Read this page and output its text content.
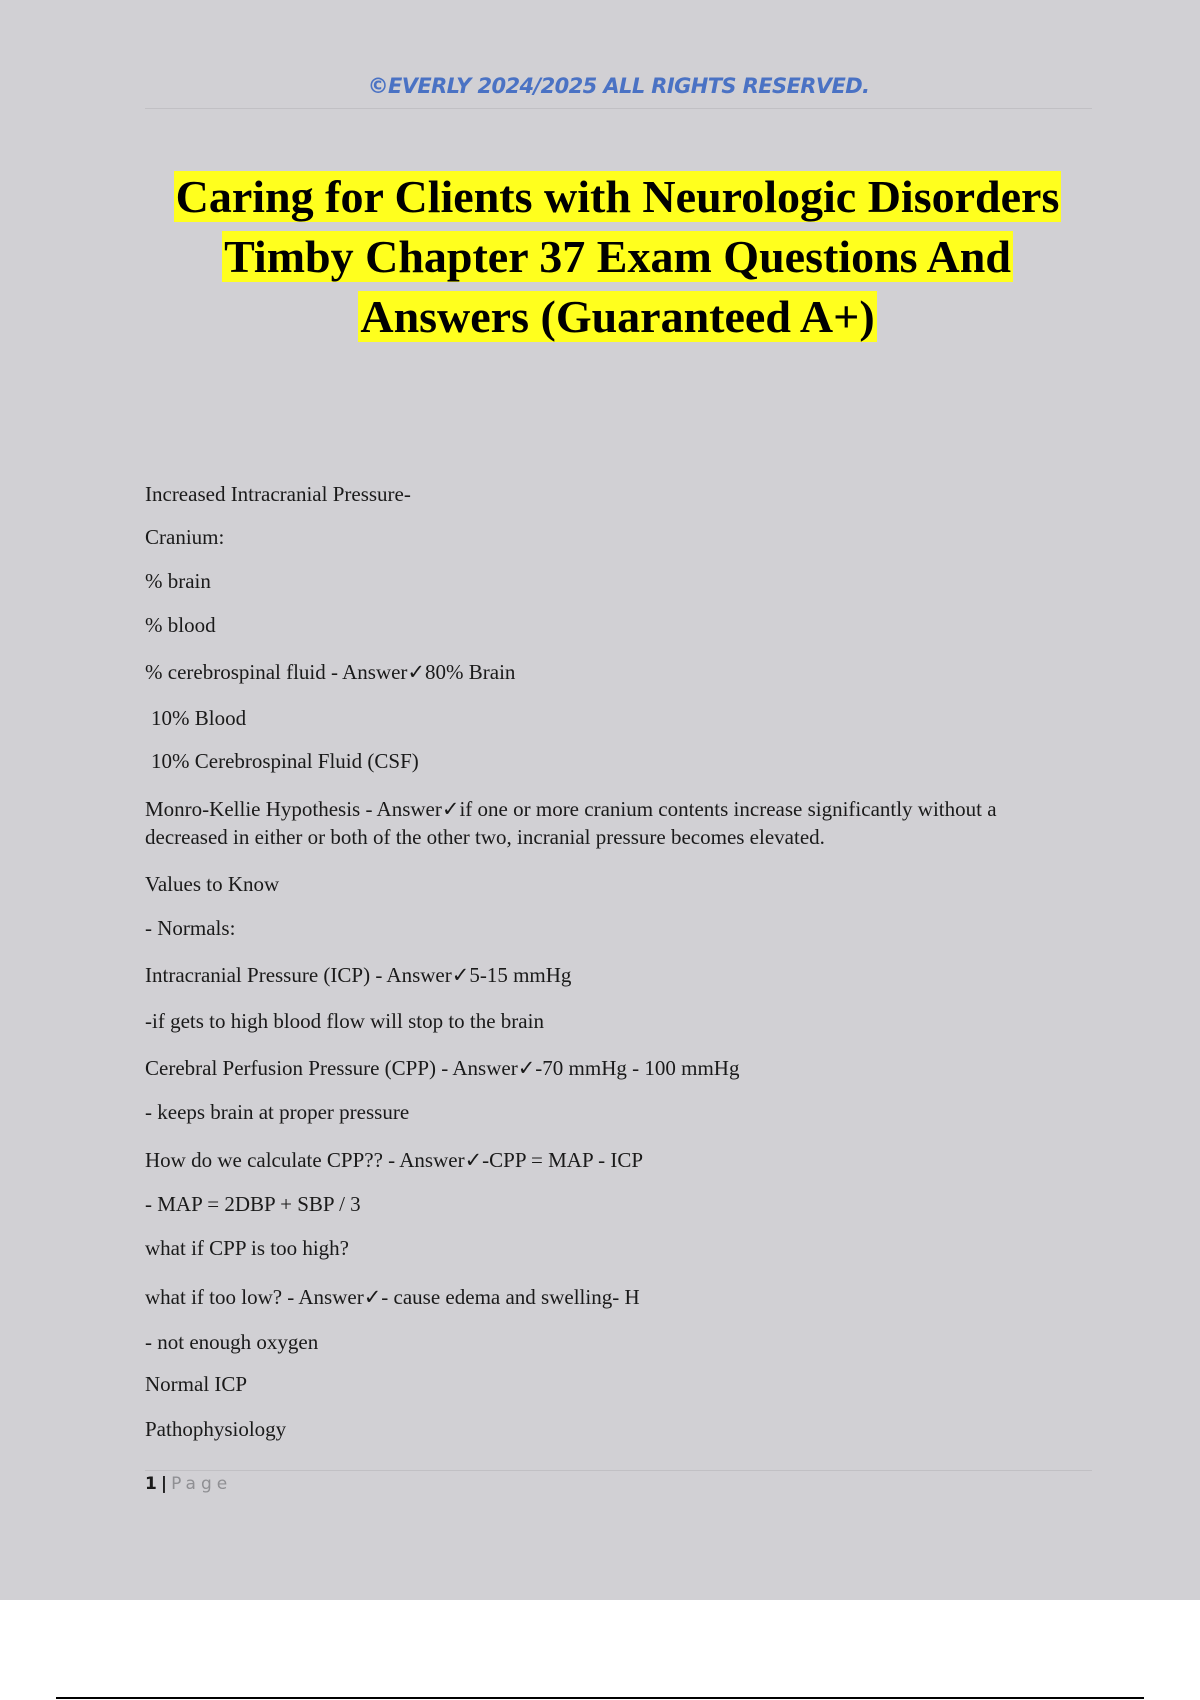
©EVERLY 2024/2025 ALL RIGHTS RESERVED.
Caring for Clients with Neurologic Disorders
Timby Chapter 37 Exam Questions And
Answers (Guaranteed A+)
Increased Intracranial Pressure-
Cranium:
% brain
% blood
% cerebrospinal fluid - Answer✓80% Brain
10% Blood
10% Cerebrospinal Fluid (CSF)
Monro-Kellie Hypothesis - Answer✓if one or more cranium contents increase significantly without a decreased in either or both of the other two, incranial pressure becomes elevated.
Values to Know
- Normals:
Intracranial Pressure (ICP) - Answer✓5-15 mmHg
-if gets to high blood flow will stop to the brain
Cerebral Perfusion Pressure (CPP) - Answer✓-70 mmHg - 100 mmHg
- keeps brain at proper pressure
How do we calculate CPP?? - Answer✓-CPP = MAP - ICP
- MAP = 2DBP + SBP / 3
what if CPP is too high?
what if too low? - Answer✓- cause edema and swelling- H
- not enough oxygen
Normal ICP
Pathophysiology
1 | Page
